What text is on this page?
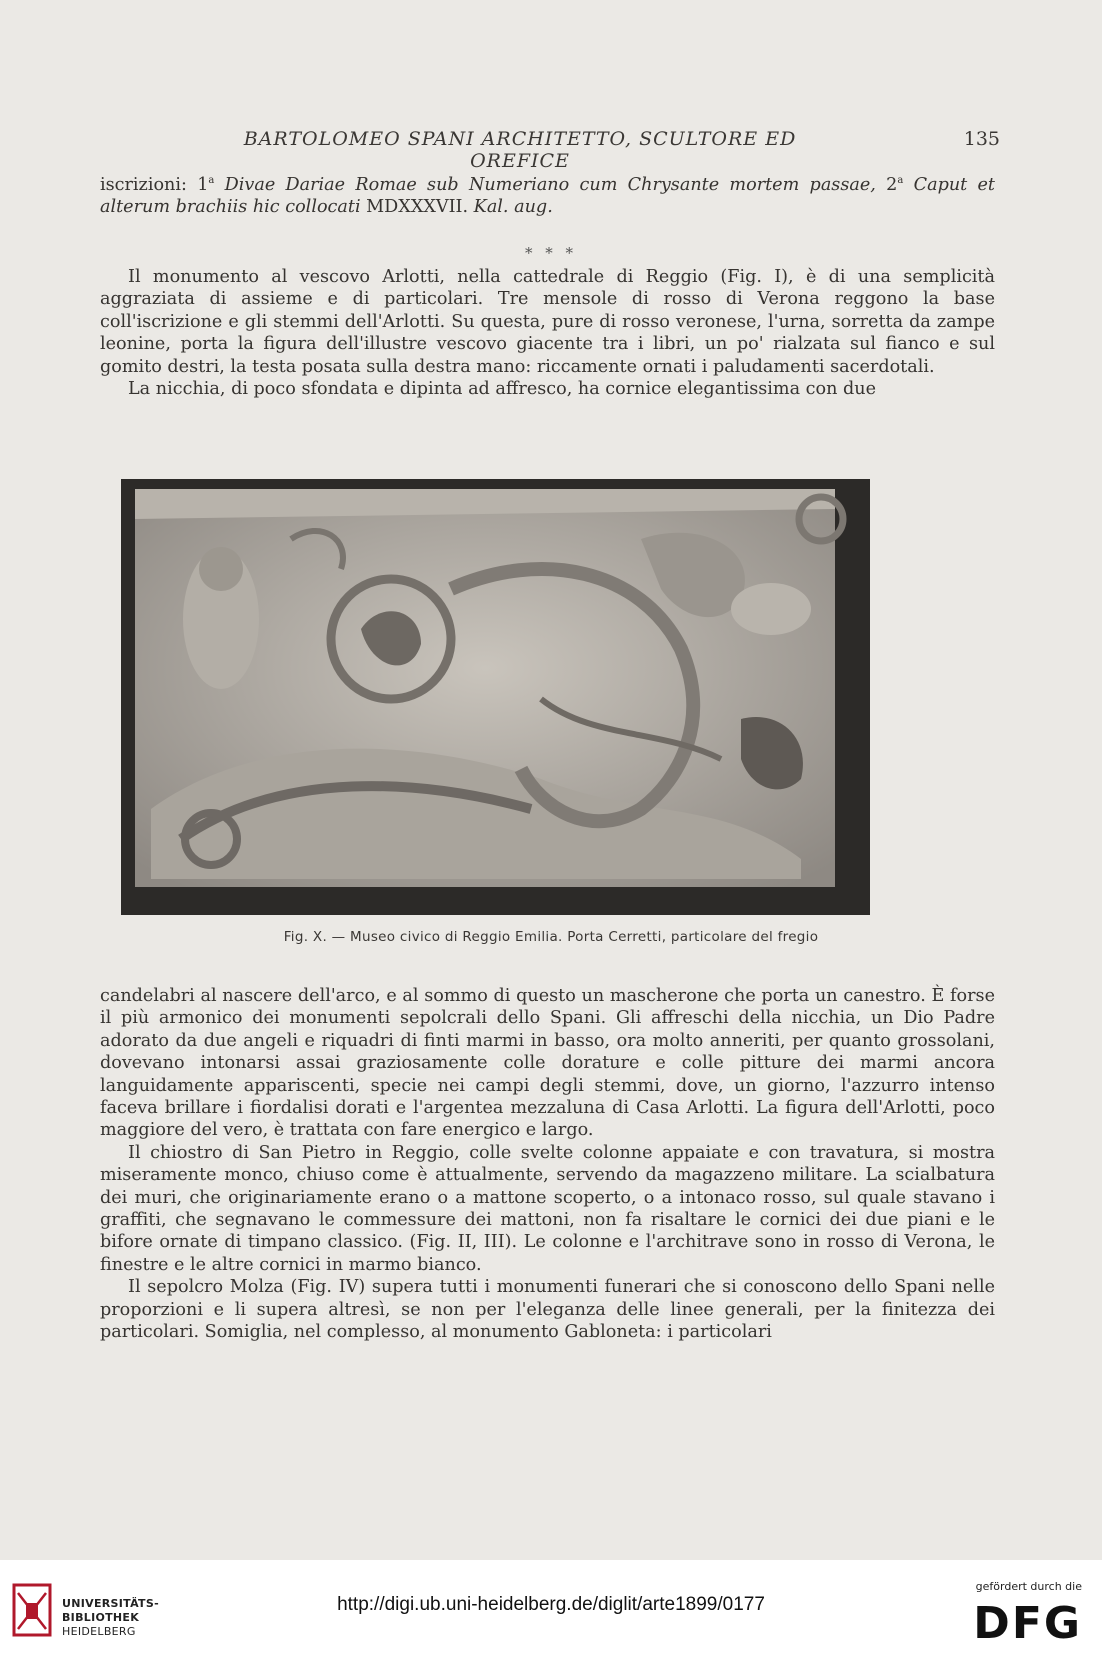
BARTOLOMEO SPANI ARCHITETTO, SCULTORE ED OREFICE
135

iscrizioni: 1$^a$ Divae Dariae Romae sub Numeriano cum Chrysante mortem passae, 2$^a$ Caput et alterum brachiis hic collocati MDXXXVII. Kal. aug.

* * *

Il monumento al vescovo Arlotti, nella cattedrale di Reggio (Fig. I), è di una semplicità aggraziata di assieme e di particolari. Tre mensole di rosso di Verona reggono la base coll'iscrizione e gli stemmi dell'Arlotti. Su questa, pure di rosso veronese, l'urna, sorretta da zampe leonine, porta la figura dell'illustre vescovo giacente tra i libri, un po' rialzata sul fianco e sul gomito destri, la testa posata sulla destra mano: riccamente ornati i paludamenti sacerdotali.

La nicchia, di poco sfondata e dipinta ad affresco, ha cornice elegantissima con due

Fig. X. — Museo civico di Reggio Emilia. Porta Cerretti, particolare del fregio

candelabri al nascere dell'arco, e al sommo di questo un mascherone che porta un canestro. È forse il più armonico dei monumenti sepolcrali dello Spani. Gli affreschi della nicchia, un Dio Padre adorato da due angeli e riquadri di finti marmi in basso, ora molto anneriti, per quanto grossolani, dovevano intonarsi assai graziosamente colle dorature e colle pitture dei marmi ancora languidamente appariscenti, specie nei campi degli stemmi, dove, un giorno, l'azzurro intenso faceva brillare i fiordalisi dorati e l'argentea mezzaluna di Casa Arlotti. La figura dell'Arlotti, poco maggiore del vero, è trattata con fare energico e largo.

Il chiostro di San Pietro in Reggio, colle svelte colonne appaiate e con travatura, si mostra miseramente monco, chiuso come è attualmente, servendo da magazzeno militare. La scialbatura dei muri, che originariamente erano o a mattone scoperto, o a intonaco rosso, sul quale stavano i graffiti, che segnavano le commessure dei mattoni, non fa risaltare le cornici dei due piani e le bifore ornate di timpano classico. (Fig. II, III). Le colonne e l'architrave sono in rosso di Verona, le finestre e le altre cornici in marmo bianco.

Il sepolcro Molza (Fig. IV) supera tutti i monumenti funerari che si conoscono dello Spani nelle proporzioni e li supera altresì, se non per l'eleganza delle linee generali, per la finitezza dei particolari. Somiglia, nel complesso, al monumento Gabloneta: i particolari

UNIVERSITÄTS-
BIBLIOTHEK
HEIDELBERG
http://digi.ub.uni-heidelberg.de/diglit/arte1899/0177
gefördert durch die
DFG
